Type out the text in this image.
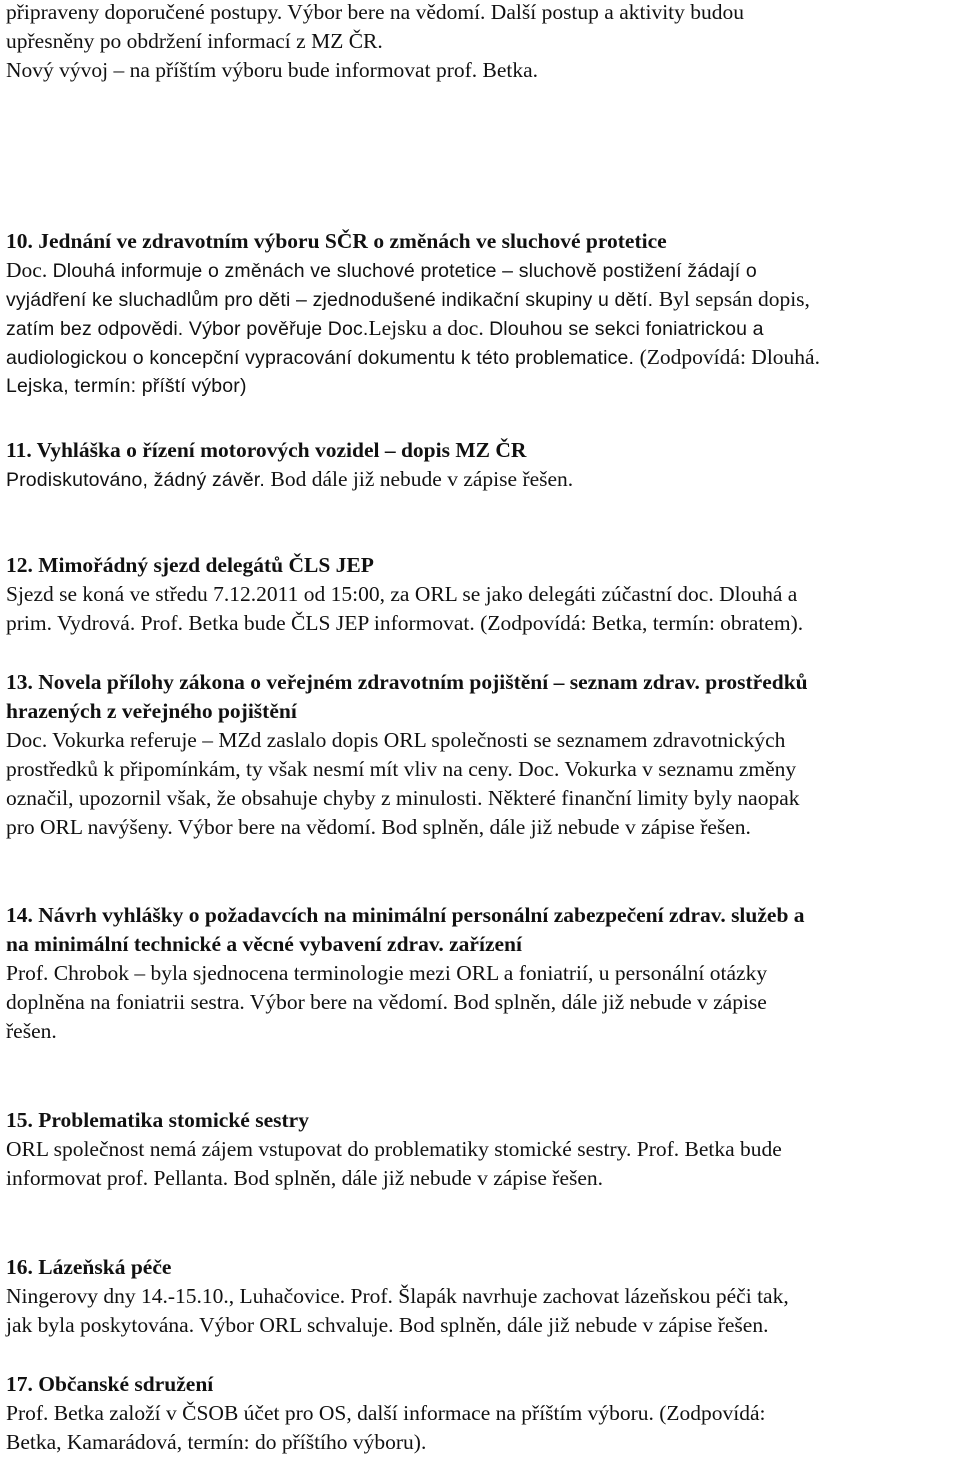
připraveny doporučené postupy. Výbor bere na vědomí. Další postup a aktivity budou
upřesněny po obdržení informací z MZ ČR.
Nový vývoj – na příštím výboru bude informovat prof. Betka.
10. Jednání ve zdravotním výboru SČR o změnách ve sluchové protetice
Doc. Dlouhá informuje o změnách ve sluchové protetice – sluchově postižení žádají o
vyjádření ke sluchadlům pro děti – zjednodušené indikační skupiny u dětí. Byl sepsán dopis,
zatím bez odpovědi. Výbor pověřuje Doc.Lejsku a doc. Dlouhou se sekci foniatrickou a
audiologickou o koncepční vypracování dokumentu k této problematice. (Zodpovídá: Dlouhá.
Lejska, termín: příští výbor)
11. Vyhláška o řízení motorových vozidel – dopis MZ ČR
Prodiskutováno, žádný závěr. Bod dále již nebude v zápise řešen.
12. Mimořádný sjezd delegátů ČLS JEP
Sjezd se koná ve středu 7.12.2011 od 15:00, za ORL se jako delegáti zúčastní doc. Dlouhá a
prim. Vydrová. Prof. Betka bude ČLS JEP informovat. (Zodpovídá: Betka, termín: obratem).
13. Novela přílohy zákona o veřejném zdravotním pojištění – seznam zdrav. prostředků
hrazených z veřejného pojištění
Doc. Vokurka referuje – MZd zaslalo dopis ORL společnosti se seznamem zdravotnických
prostředků k připomínkám, ty však nesmí mít vliv na ceny. Doc. Vokurka v seznamu změny
označil, upozornil však, že obsahuje chyby z minulosti. Některé finanční limity byly naopak
pro ORL navýšeny. Výbor bere na vědomí. Bod splněn, dále již nebude v zápise řešen.
14. Návrh vyhlášky o požadavcích na minimální personální zabezpečení zdrav. služeb a
na minimální technické a věcné vybavení zdrav. zařízení
Prof. Chrobok – byla sjednocena terminologie mezi ORL a foniatrií, u personální otázky
doplněna na foniatrii sestra. Výbor bere na vědomí. Bod splněn, dále již nebude v zápise
řešen.
15. Problematika stomické sestry
ORL společnost nemá zájem vstupovat do problematiky stomické sestry. Prof. Betka bude
informovat prof. Pellanta. Bod splněn, dále již nebude v zápise řešen.
16. Lázeňská péče
Ningerovy dny 14.-15.10., Luhačovice. Prof. Šlapák navrhuje zachovat lázeňskou péči tak,
jak byla poskytována. Výbor ORL schvaluje. Bod splněn, dále již nebude v zápise řešen.
17. Občanské sdružení
Prof. Betka založí v ČSOB účet pro OS, další informace na příštím výboru. (Zodpovídá:
Betka, Kamarádová, termín: do příštího výboru).
